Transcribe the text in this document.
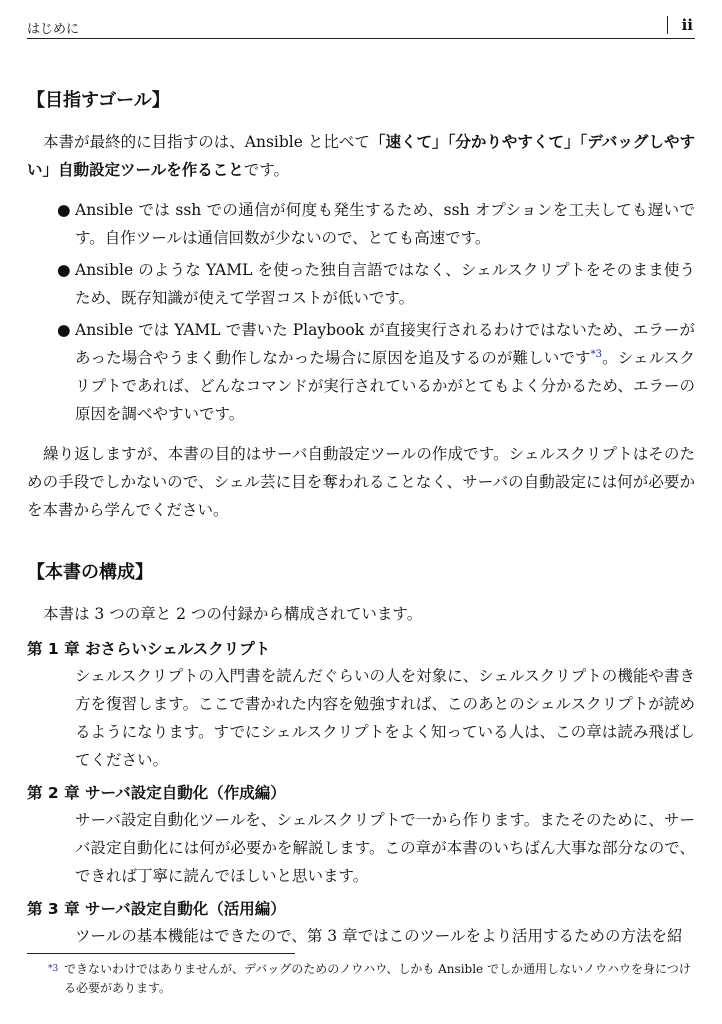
はじめに	ii
【目指すゴール】

本書が最終的に目指すのは、Ansible と比べて「速くて」「分かりやすくて」「デバッグしやすい」自動設定ツールを作ることです。

● Ansible では ssh での通信が何度も発生するため、ssh オプションを工夫しても遅いです。自作ツールは通信回数が少ないので、とても高速です。
● Ansible のような YAML を使った独自言語ではなく、シェルスクリプトをそのまま使うため、既存知識が使えて学習コストが低いです。
● Ansible では YAML で書いた Playbook が直接実行されるわけではないため、エラーがあった場合やうまく動作しなかった場合に原因を追及するのが難しいです$^{*3}$。シェルスクリプトであれば、どんなコマンドが実行されているかがとてもよく分かるため、エラーの原因を調べやすいです。

繰り返しますが、本書の目的はサーバ自動設定ツールの作成です。シェルスクリプトはそのための手段でしかないので、シェル芸に目を奪われることなく、サーバの自動設定には何が必要かを本書から学んでください。

【本書の構成】

本書は 3 つの章と 2 つの付録から構成されています。

第 1 章 おさらいシェルスクリプト
シェルスクリプトの入門書を読んだぐらいの人を対象に、シェルスクリプトの機能や書き方を復習します。ここで書かれた内容を勉強すれば、このあとのシェルスクリプトが読めるようになります。すでにシェルスクリプトをよく知っている人は、この章は読み飛ばしてください。
第 2 章 サーバ設定自動化（作成編）
サーバ設定自動化ツールを、シェルスクリプトで一から作ります。またそのために、サーバ設定自動化には何が必要かを解説します。この章が本書のいちばん大事な部分なので、できれば丁寧に読んでほしいと思います。
第 3 章 サーバ設定自動化（活用編）
ツールの基本機能はできたので、第 3 章ではこのツールをより活用するための方法を紹
*3 できないわけではありませんが、デバッグのためのノウハウ、しかも Ansible でしか通用しないノウハウを身につける必要があります。
